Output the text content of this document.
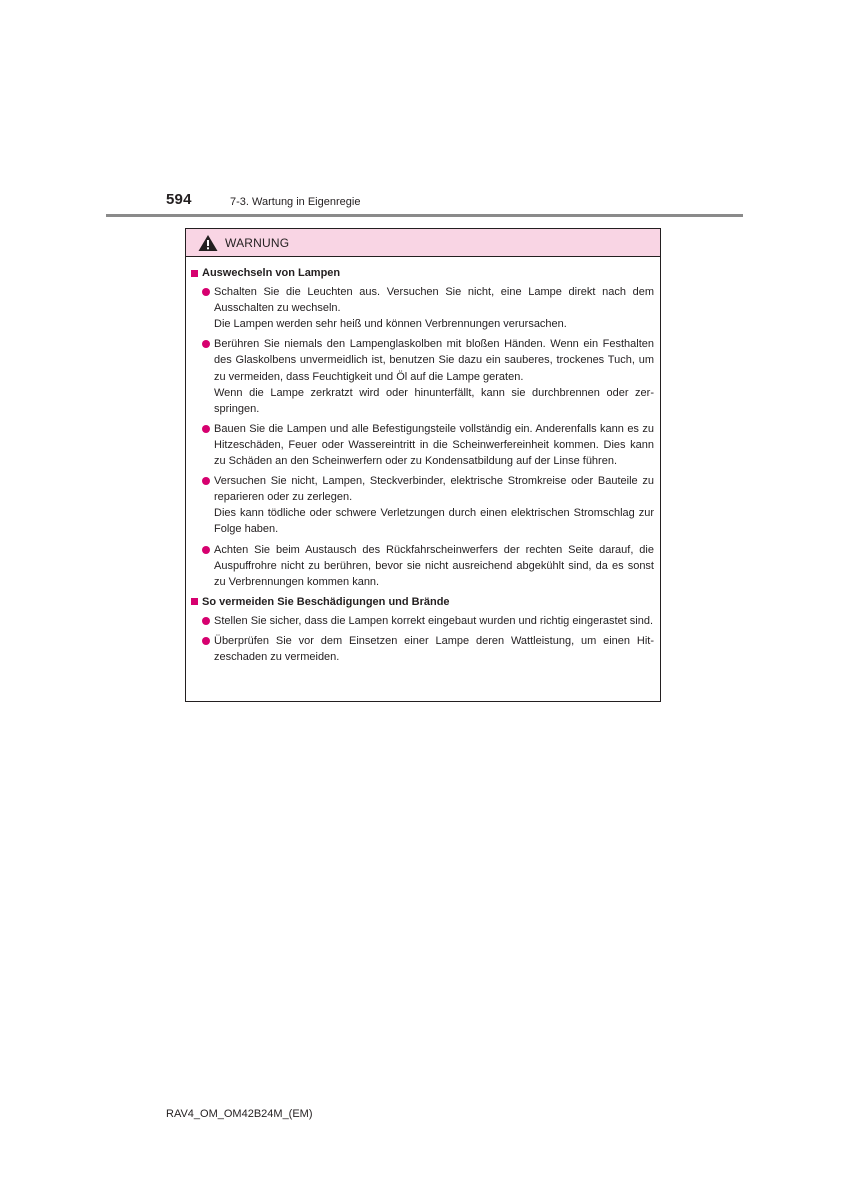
594	7-3. Wartung in Eigenregie
WARNUNG
Auswechseln von Lampen
Schalten Sie die Leuchten aus. Versuchen Sie nicht, eine Lampe direkt nach dem Ausschalten zu wechseln.
Die Lampen werden sehr heiß und können Verbrennungen verursachen.
Berühren Sie niemals den Lampenglaskolben mit bloßen Händen. Wenn ein Festhalten des Glaskolbens unvermeidlich ist, benutzen Sie dazu ein sauberes, trockenes Tuch, um zu vermeiden, dass Feuchtigkeit und Öl auf die Lampe geraten.
Wenn die Lampe zerkratzt wird oder hinunterfällt, kann sie durchbrennen oder zerspringen.
Bauen Sie die Lampen und alle Befestigungsteile vollständig ein. Anderenfalls kann es zu Hitzeschäden, Feuer oder Wassereintritt in die Scheinwerfereinheit kommen. Dies kann zu Schäden an den Scheinwerfern oder zu Kondensatbildung auf der Linse führen.
Versuchen Sie nicht, Lampen, Steckverbinder, elektrische Stromkreise oder Bauteile zu reparieren oder zu zerlegen.
Dies kann tödliche oder schwere Verletzungen durch einen elektrischen Stromschlag zur Folge haben.
Achten Sie beim Austausch des Rückfahrscheinwerfers der rechten Seite darauf, die Auspuffrohre nicht zu berühren, bevor sie nicht ausreichend abgekühlt sind, da es sonst zu Verbrennungen kommen kann.
So vermeiden Sie Beschädigungen und Brände
Stellen Sie sicher, dass die Lampen korrekt eingebaut wurden und richtig eingerastet sind.
Überprüfen Sie vor dem Einsetzen einer Lampe deren Wattleistung, um einen Hitzeschaden zu vermeiden.
RAV4_OM_OM42B24M_(EM)
